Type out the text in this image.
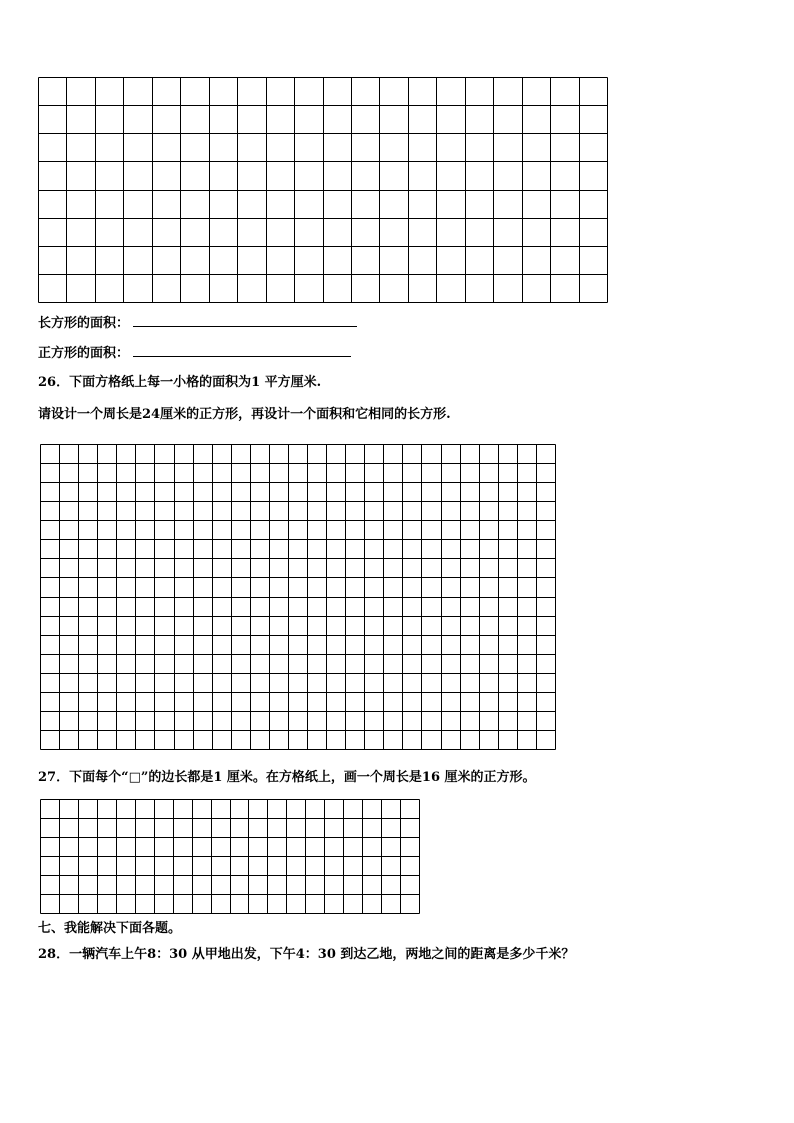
长方形的面积：
正方形的面积：
26．下面方格纸上每一小格的面积为1 平方厘米.
请设计一个周长是24厘米的正方形，再设计一个面积和它相同的长方形.
27．下面每个“□”的边长都是1 厘米。在方格纸上，画一个周长是16 厘米的正方形。
七、我能解决下面各题。
28．一辆汽车上午8：30 从甲地出发，下午4：30 到达乙地，两地之间的距离是多少千米？
